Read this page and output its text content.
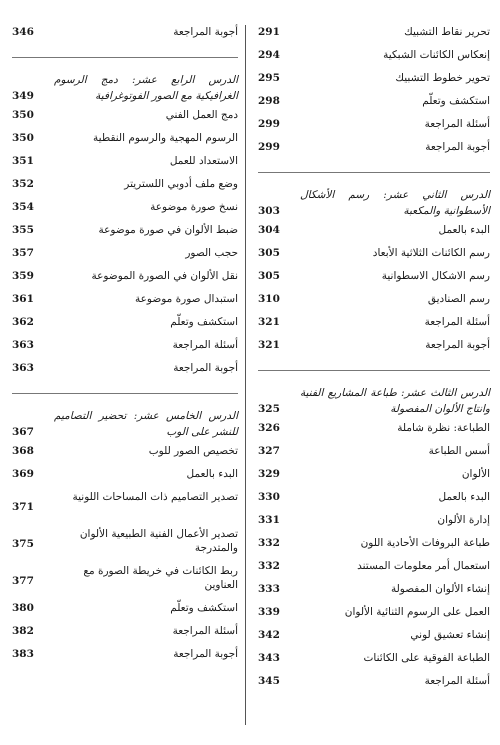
أجوبة المراجعة
346
الدرس الرابع عشر: دمج الرسوم الغرافيكية مع الصور الفوتوغرافية
349
دمج العمل الفني
350
الرسوم المهجية والرسوم النقطية
350
الاستعداد للعمل
351
وضع ملف أدوبي اللستريتر
352
نسخ صورة موضوعة
354
ضبط الألوان في صورة موضوعة
355
حجب الصور
357
نقل الألوان في الصورة الموضوعة
359
استبدال صورة موضوعة
361
استكشف وتعلّم
362
أسئلة المراجعة
363
أجوبة المراجعة
363
الدرس الخامس عشر: تحضير التصاميم للنشر على الوب
367
تخصيص الصور للوب
368
البدء بالعمل
369
تصدير التصاميم ذات المساحات اللونية
371
تصدير الأعمال الفنية الطبيعية الألوان والمتدرجة
375
ربط الكائنات في خريطة الصورة مع العناوين
377
استكشف وتعلّم
380
أسئلة المراجعة
382
أجوبة المراجعة
383
تحرير نقاط التشبيك
291
إنعكاس الكائنات الشبكية
294
تحوير خطوط التشبيك
295
استكشف وتعلّم
298
أسئلة المراجعة
299
أجوبة المراجعة
299
الدرس الثاني عشر: رسم الأشكال الأسطوانية والمكعبة
303
البدء بالعمل
304
رسم الكائنات الثلاثية الأبعاد
305
رسم الاشكال الاسطوانية
305
رسم الصناديق
310
أسئلة المراجعة
321
أجوبة المراجعة
321
الدرس الثالث عشر: طباعة المشاريع الفنية وانتاج الألوان المفصولة
325
الطباعة: نظرة شاملة
326
أسس الطباعة
327
الألوان
329
البدء بالعمل
330
إدارة الألوان
331
طباعة البروفات الأحادية اللون
332
استعمال أمر معلومات المستند
332
إنشاء الألوان المفصولة
333
العمل على الرسوم الثنائية الألوان
339
إنشاء تعشيق لوني
342
الطباعة الفوقية على الكائنات
343
أسئلة المراجعة
345
